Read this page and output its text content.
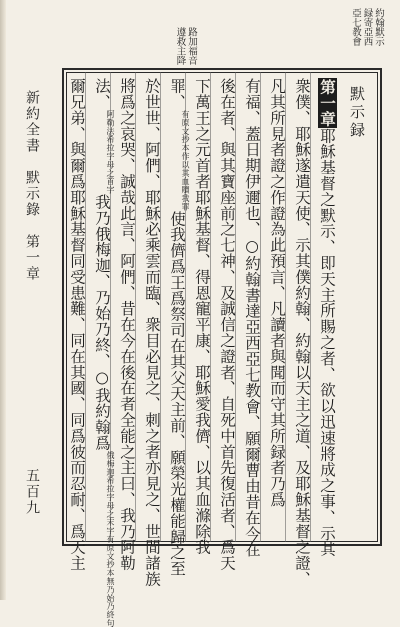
約翰默示
録寄亞西
亞七教會
路加福音 遵救主降
默示録
第一章耶穌基督之默示、即天主所賜之者、欲以迅速將成之事、示其
衆僕、耶穌遂遣天使、示其僕約翰、約翰以天主之道、及耶穌基督之證、
凡其所見者證之作證為此預言、凡讀者與聞而守其所録者乃爲
有福、蓋日期伊邇也、○約翰書達亞西亞七教會、願爾曹由昔在今在
後在者、與其寶座前之七神、及誠信之證者、自死中首先復活者、爲天
下萬王之元首者耶穌基督、得恩寵平康、耶穌愛我儕、以其血滌除我
罪、有原文抄本作以其血贖我罪使我儕爲王爲祭司在其父天主前、願榮光權能歸之至
於世世、阿們、耶穌必乘雲而臨、衆目必見之、刺之者亦見之、世間諸族
將爲之哀哭、誠哉此言、阿們、昔在今在後在者全能之主曰、我乃阿勒
法、阿勒法希拉字母之首字我乃俄梅迦、乃始乃終、○我約翰爲俄梅迦希拉字母之末字有原文抄本無乃始乃終句
爾兄弟、與爾爲耶穌基督同受患難、同在其國、同爲彼而忍耐、爲天主
新約全書　默示錄　第一章
五百九
